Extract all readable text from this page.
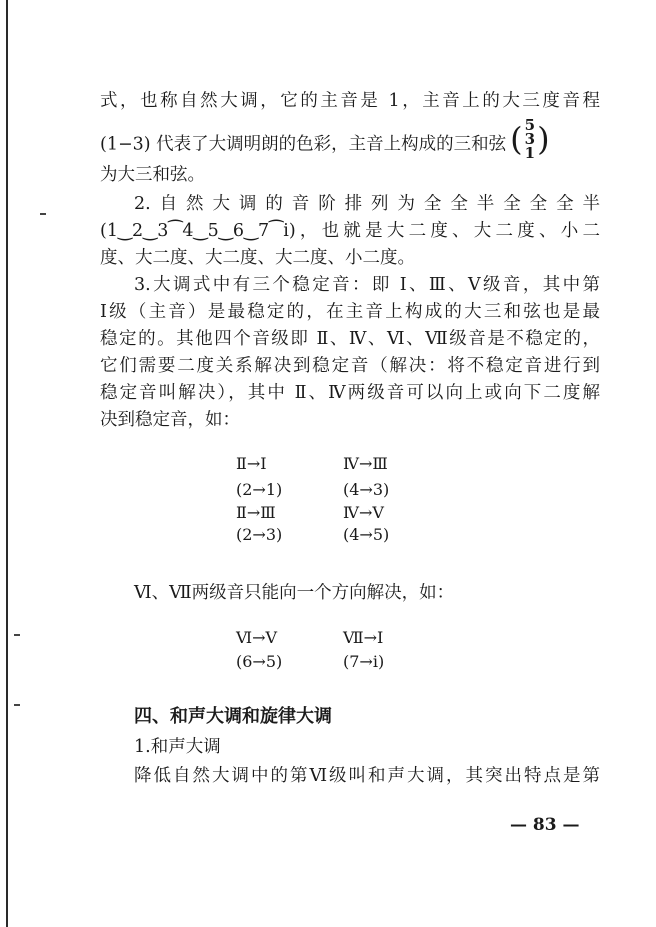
式，也称自然大调，它的主音是 1，主音上的大三度音程
(1−3) 代表了大调明朗的色彩，主音上构成的三和弦 ( 5
3
1)
为大三和弦。
2.自然大调的音阶排列为全全半全全全半
(1‿2‿3⁀4‿5‿6‿7⁀i)，也就是大二度、大二度、小二
度、大二度、大二度、大二度、小二度。
3.大调式中有三个稳定音：即 Ⅰ、Ⅲ、Ⅴ级音，其中第
Ⅰ级（主音）是最稳定的，在主音上构成的大三和弦也是最
稳定的。其他四个音级即 Ⅱ、Ⅳ、Ⅵ、Ⅶ级音是不稳定的，
它们需要二度关系解决到稳定音（解决：将不稳定音进行到
稳定音叫解决），其中 Ⅱ、Ⅳ两级音可以向上或向下二度解
决到稳定音，如：
Ⅱ→Ⅰ	Ⅳ→Ⅲ
(2→1)	(4→3)
Ⅱ→Ⅲ	Ⅳ→Ⅴ
(2→3)	(4→5)
Ⅵ、Ⅶ两级音只能向一个方向解决，如：
Ⅵ→Ⅴ	Ⅶ→Ⅰ
(6→5)	(7→i)
四、和声大调和旋律大调
1.和声大调
降低自然大调中的第Ⅵ级叫和声大调，其突出特点是第
— 83 —
